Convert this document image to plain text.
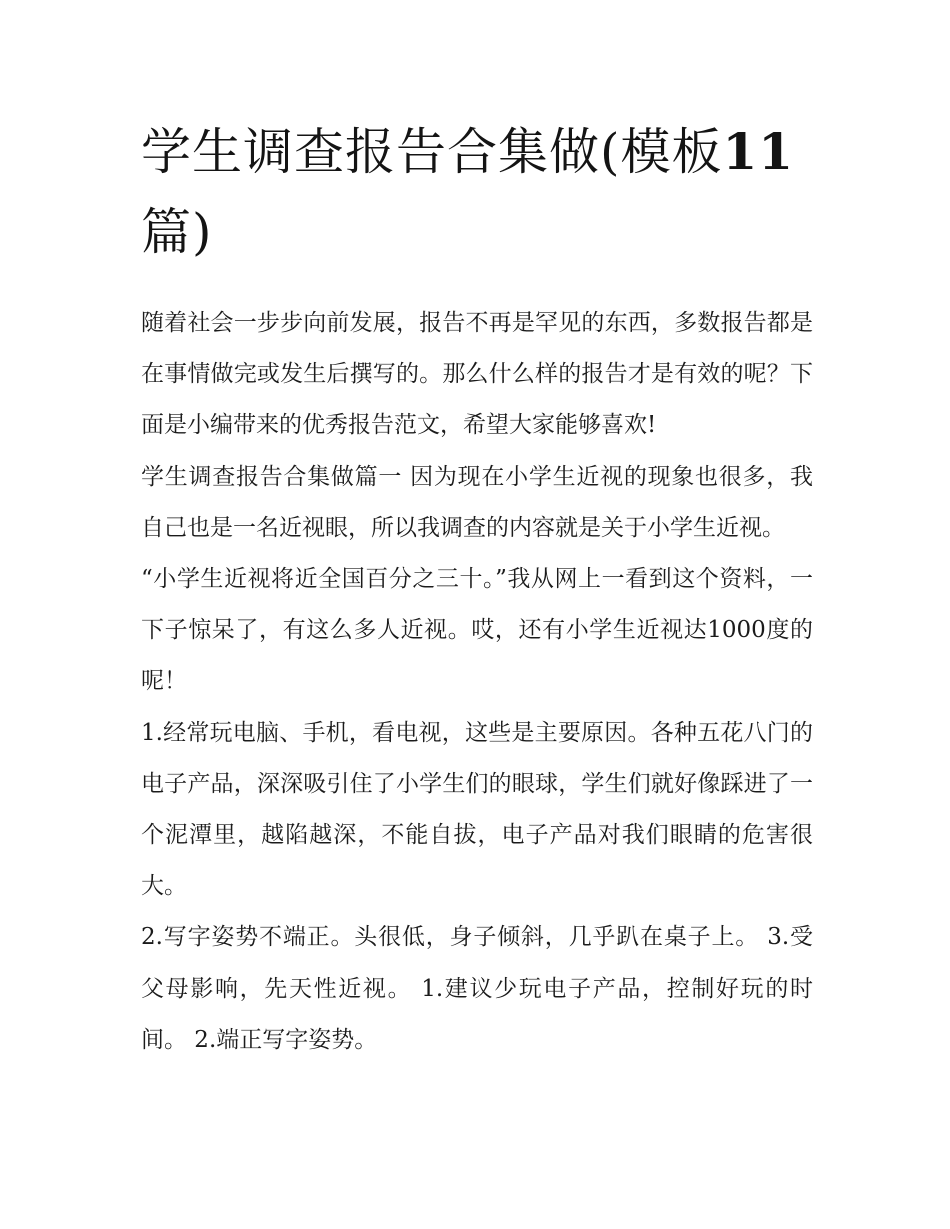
学生调查报告合集做(模板11
篇)

随着社会一步步向前发展，报告不再是罕见的东西，多数报告都是在事情做完或发生后撰写的。那么什么样的报告才是有效的呢？下面是小编带来的优秀报告范文，希望大家能够喜欢!

学生调查报告合集做篇一 因为现在小学生近视的现象也很多，我自己也是一名近视眼，所以我调查的内容就是关于小学生近视。

“小学生近视将近全国百分之三十。”我从网上一看到这个资料，一下子惊呆了，有这么多人近视。哎，还有小学生近视达1000度的呢！

1.经常玩电脑、手机，看电视，这些是主要原因。各种五花八门的电子产品，深深吸引住了小学生们的眼球，学生们就好像踩进了一个泥潭里，越陷越深，不能自拔，电子产品对我们眼睛的危害很大。

2.写字姿势不端正。头很低，身子倾斜，几乎趴在桌子上。 3.受父母影响，先天性近视。 1.建议少玩电子产品，控制好玩的时间。 2.端正写字姿势。
